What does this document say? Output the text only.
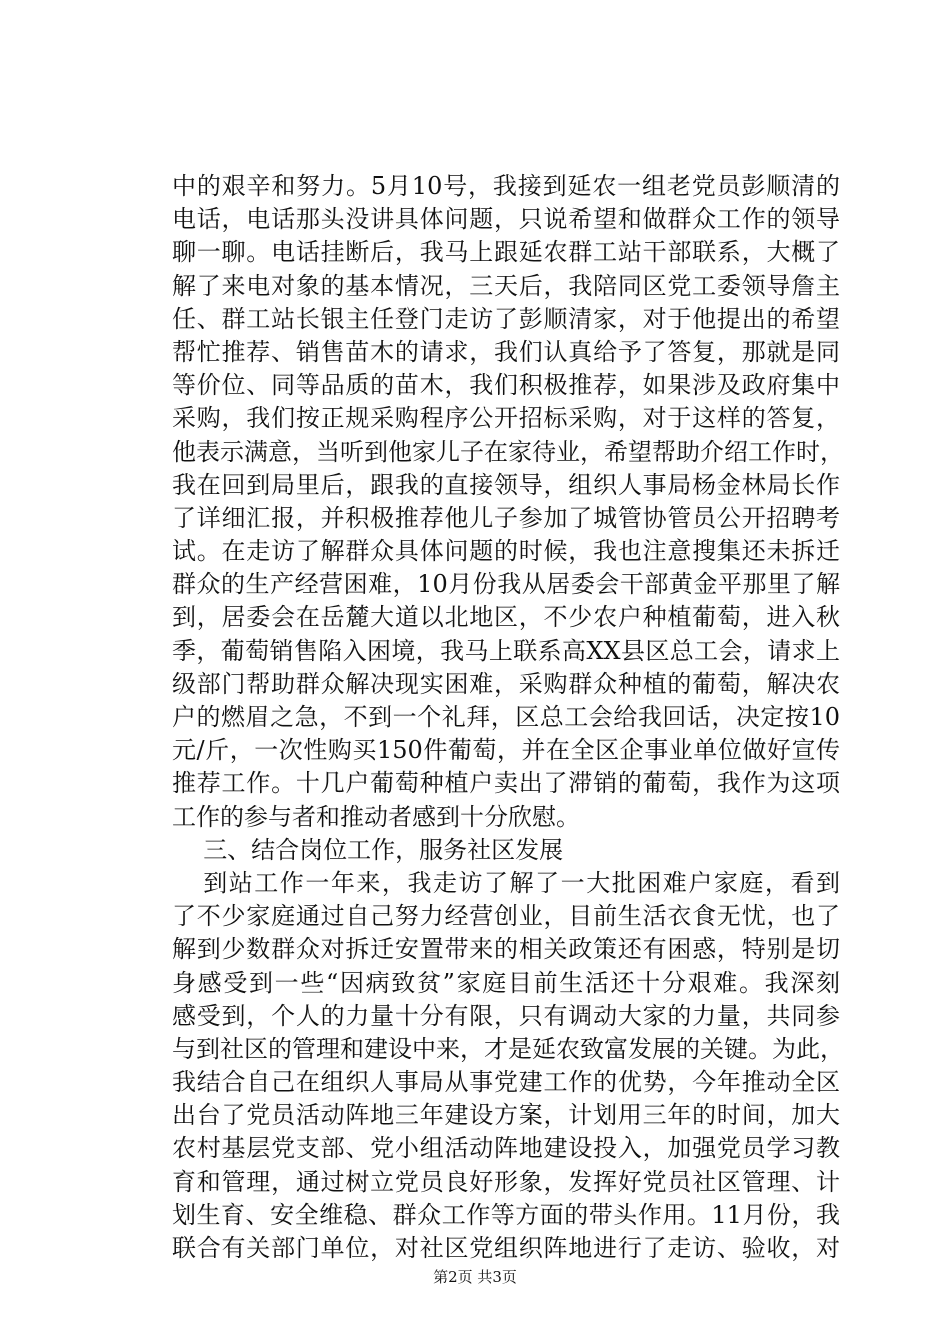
中的艰辛和努力。5月10号，我接到延农一组老党员彭顺清的
电话，电话那头没讲具体问题，只说希望和做群众工作的领导
聊一聊。电话挂断后，我马上跟延农群工站干部联系，大概了
解了来电对象的基本情况，三天后，我陪同区党工委领导詹主
任、群工站长银主任登门走访了彭顺清家，对于他提出的希望
帮忙推荐、销售苗木的请求，我们认真给予了答复，那就是同
等价位、同等品质的苗木，我们积极推荐，如果涉及政府集中
采购，我们按正规采购程序公开招标采购，对于这样的答复，
他表示满意，当听到他家儿子在家待业，希望帮助介绍工作时，
我在回到局里后，跟我的直接领导，组织人事局杨金林局长作
了详细汇报，并积极推荐他儿子参加了城管协管员公开招聘考
试。在走访了解群众具体问题的时候，我也注意搜集还未拆迁
群众的生产经营困难，10月份我从居委会干部黄金平那里了解
到，居委会在岳麓大道以北地区，不少农户种植葡萄，进入秋
季，葡萄销售陷入困境，我马上联系高XX县区总工会，请求上
级部门帮助群众解决现实困难，采购群众种植的葡萄，解决农
户的燃眉之急，不到一个礼拜，区总工会给我回话，决定按10
元/斤，一次性购买150件葡萄，并在全区企事业单位做好宣传
推荐工作。十几户葡萄种植户卖出了滞销的葡萄，我作为这项
工作的参与者和推动者感到十分欣慰。
三、结合岗位工作，服务社区发展
到站工作一年来，我走访了解了一大批困难户家庭，看到
了不少家庭通过自己努力经营创业，目前生活衣食无忧，也了
解到少数群众对拆迁安置带来的相关政策还有困惑，特别是切
身感受到一些“因病致贫”家庭目前生活还十分艰难。我深刻
感受到，个人的力量十分有限，只有调动大家的力量，共同参
与到社区的管理和建设中来，才是延农致富发展的关键。为此，
我结合自己在组织人事局从事党建工作的优势，今年推动全区
出台了党员活动阵地三年建设方案，计划用三年的时间，加大
农村基层党支部、党小组活动阵地建设投入，加强党员学习教
育和管理，通过树立党员良好形象，发挥好党员社区管理、计
划生育、安全维稳、群众工作等方面的带头作用。11月份，我
联合有关部门单位，对社区党组织阵地进行了走访、验收，对
第2页 共3页
